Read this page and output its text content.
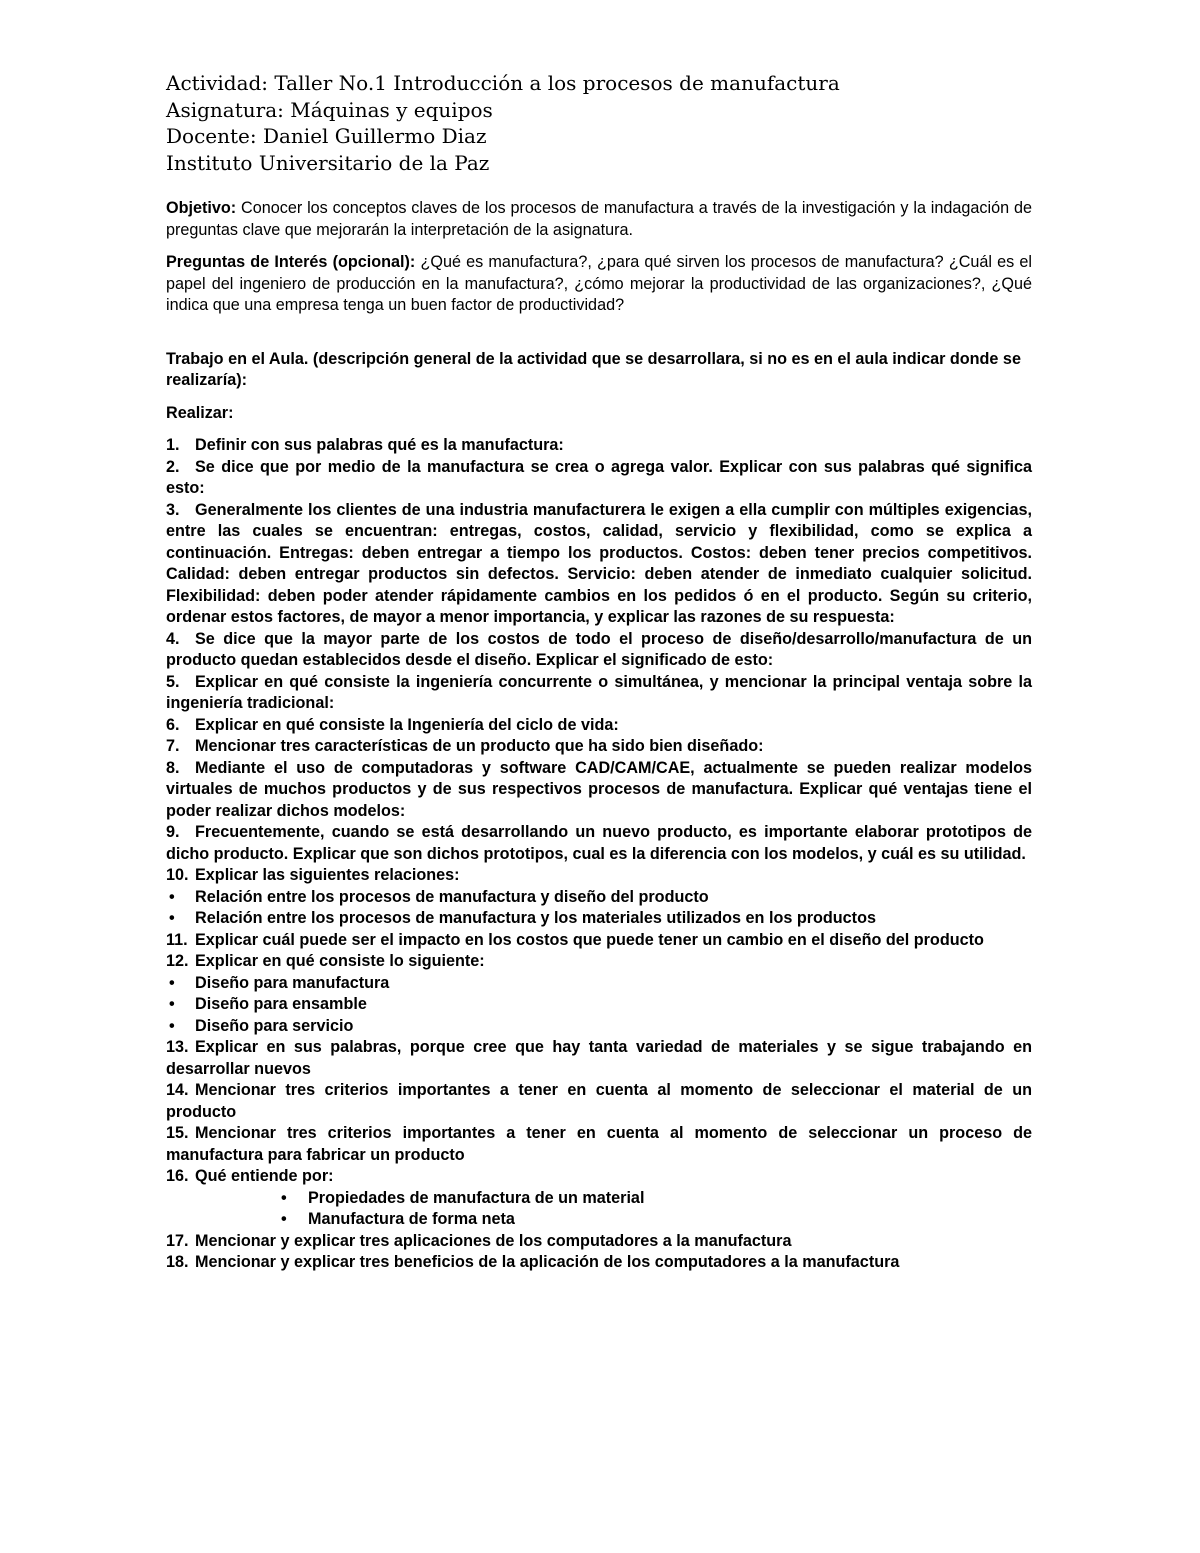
Actividad: Taller No.1 Introducción a los procesos de manufactura
Asignatura: Máquinas y equipos
Docente: Daniel Guillermo Diaz
Instituto Universitario de la Paz

Objetivo: Conocer los conceptos claves de los procesos de manufactura a través de la investigación y la indagación de preguntas clave que mejorarán la interpretación de la asignatura.

Preguntas de Interés (opcional): ¿Qué es manufactura?, ¿para qué sirven los procesos de manufactura? ¿Cuál es el papel del ingeniero de producción en la manufactura?, ¿cómo mejorar la productividad de las organizaciones?, ¿Qué indica que una empresa tenga un buen factor de productividad?

Trabajo en el Aula. (descripción general de la actividad que se desarrollara, si no es en el aula indicar donde se realizaría):

Realizar:

1. Definir con sus palabras qué es la manufactura:
2. Se dice que por medio de la manufactura se crea o agrega valor. Explicar con sus palabras qué significa esto:
3. Generalmente los clientes de una industria manufacturera le exigen a ella cumplir con múltiples exigencias, entre las cuales se encuentran: entregas, costos, calidad, servicio y flexibilidad, como se explica a continuación. Entregas: deben entregar a tiempo los productos. Costos: deben tener precios competitivos. Calidad: deben entregar productos sin defectos. Servicio: deben atender de inmediato cualquier solicitud. Flexibilidad: deben poder atender rápidamente cambios en los pedidos ó en el producto. Según su criterio, ordenar estos factores, de mayor a menor importancia, y explicar las razones de su respuesta:
4. Se dice que la mayor parte de los costos de todo el proceso de diseño/desarrollo/manufactura de un producto quedan establecidos desde el diseño. Explicar el significado de esto:
5. Explicar en qué consiste la ingeniería concurrente o simultánea, y mencionar la principal ventaja sobre la ingeniería tradicional:
6. Explicar en qué consiste la Ingeniería del ciclo de vida:
7. Mencionar tres características de un producto que ha sido bien diseñado:
8. Mediante el uso de computadoras y software CAD/CAM/CAE, actualmente se pueden realizar modelos virtuales de muchos productos y de sus respectivos procesos de manufactura. Explicar qué ventajas tiene el poder realizar dichos modelos:
9. Frecuentemente, cuando se está desarrollando un nuevo producto, es importante elaborar prototipos de dicho producto. Explicar que son dichos prototipos, cual es la diferencia con los modelos, y cuál es su utilidad.
10. Explicar las siguientes relaciones:
• Relación entre los procesos de manufactura y diseño del producto
• Relación entre los procesos de manufactura y los materiales utilizados en los productos
11. Explicar cuál puede ser el impacto en los costos que puede tener un cambio en el diseño del producto
12. Explicar en qué consiste lo siguiente:
• Diseño para manufactura
• Diseño para ensamble
• Diseño para servicio
13. Explicar en sus palabras, porque cree que hay tanta variedad de materiales y se sigue trabajando en desarrollar nuevos
14. Mencionar tres criterios importantes a tener en cuenta al momento de seleccionar el material de un producto
15. Mencionar tres criterios importantes a tener en cuenta al momento de seleccionar un proceso de manufactura para fabricar un producto
16. Qué entiende por:
• Propiedades de manufactura de un material
• Manufactura de forma neta
17. Mencionar y explicar tres aplicaciones de los computadores a la manufactura
18. Mencionar y explicar tres beneficios de la aplicación de los computadores a la manufactura
